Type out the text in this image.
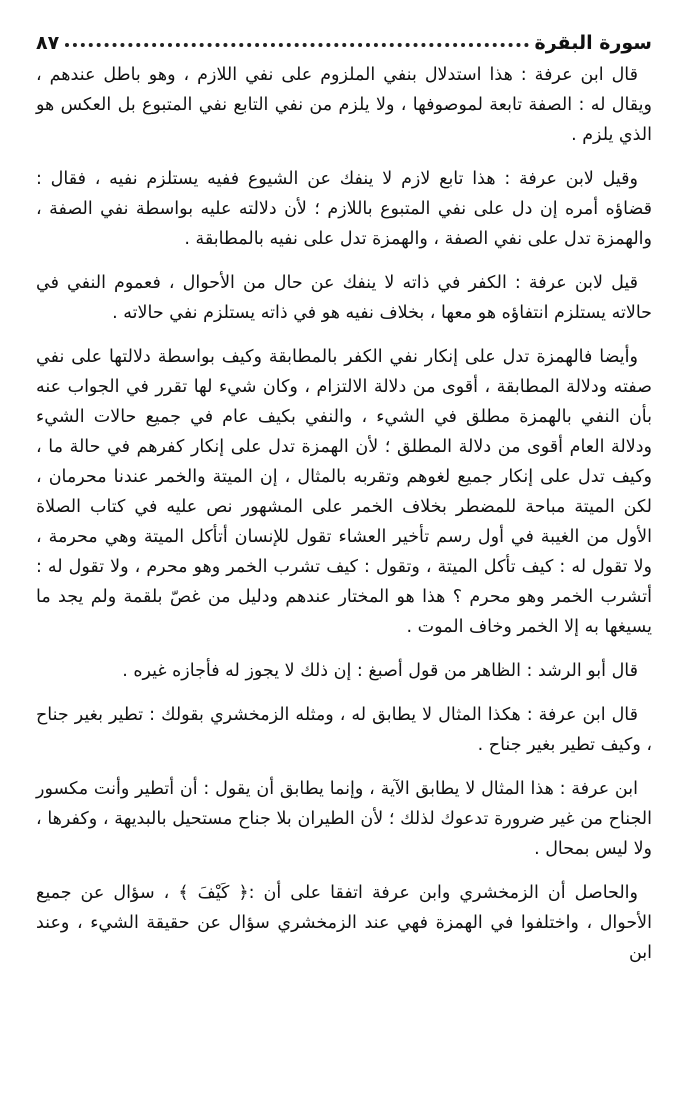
سورة البقرة
٨٧

قال ابن عرفة : هذا استدلال بنفي الملزوم على نفي اللازم ، وهو باطل عندهم ، ويقال له : الصفة تابعة لموصوفها ، ولا يلزم من نفي التابع نفي المتبوع بل العكس هو الذي يلزم .

وقيل لابن عرفة : هذا تابع لازم لا ينفك عن الشيوع ففيه يستلزم نفيه ، فقال : قضاؤه أمره إن دل على نفي المتبوع باللازم ؛ لأن دلالته عليه بواسطة نفي الصفة ، والهمزة تدل على نفي الصفة ، والهمزة تدل على نفيه بالمطابقة .

قيل لابن عرفة : الكفر في ذاته لا ينفك عن حال من الأحوال ، فعموم النفي في حالاته يستلزم انتفاؤه هو معها ، بخلاف نفيه هو في ذاته يستلزم نفي حالاته .

وأيضا فالهمزة تدل على إنكار نفي الكفر بالمطابقة وكيف بواسطة دلالتها على نفي صفته ودلالة المطابقة ، أقوى من دلالة الالتزام ، وكان شيء لها تقرر في الجواب عنه بأن النفي بالهمزة مطلق في الشيء ، والنفي بكيف عام في جميع حالات الشيء ودلالة العام أقوى من دلالة المطلق ؛ لأن الهمزة تدل على إنكار كفرهم في حالة ما ، وكيف تدل على إنكار جميع لغوهم وتقربه بالمثال ، إن الميتة والخمر عندنا محرمان ، لكن الميتة مباحة للمضطر بخلاف الخمر على المشهور نص عليه في كتاب الصلاة الأول من الغيبة في أول رسم تأخير العشاء تقول للإنسان أتأكل الميتة وهي محرمة ، ولا تقول له : كيف تأكل الميتة ، وتقول : كيف تشرب الخمر وهو محرم ، ولا تقول له : أتشرب الخمر وهو محرم ؟ هذا هو المختار عندهم ودليل من غصّ بلقمة ولم يجد ما يسيغها به إلا الخمر وخاف الموت .

قال أبو الرشد : الظاهر من قول أصبغ : إن ذلك لا يجوز له فأجازه غيره .

قال ابن عرفة : هكذا المثال لا يطابق له ، ومثله الزمخشري بقولك : تطير بغير جناح ، وكيف تطير بغير جناح .

ابن عرفة : هذا المثال لا يطابق الآية ، وإنما يطابق أن يقول : أن أتطير وأنت مكسور الجناح من غير ضرورة تدعوك لذلك ؛ لأن الطيران بلا جناح مستحيل بالبديهة ، وكفرها ، ولا ليس بمحال .

والحاصل أن الزمخشري وابن عرفة اتفقا على أن :﴿ كَيْفَ ﴾ ، سؤال عن جميع الأحوال ، واختلفوا في الهمزة فهي عند الزمخشري سؤال عن حقيقة الشيء ، وعند ابن
